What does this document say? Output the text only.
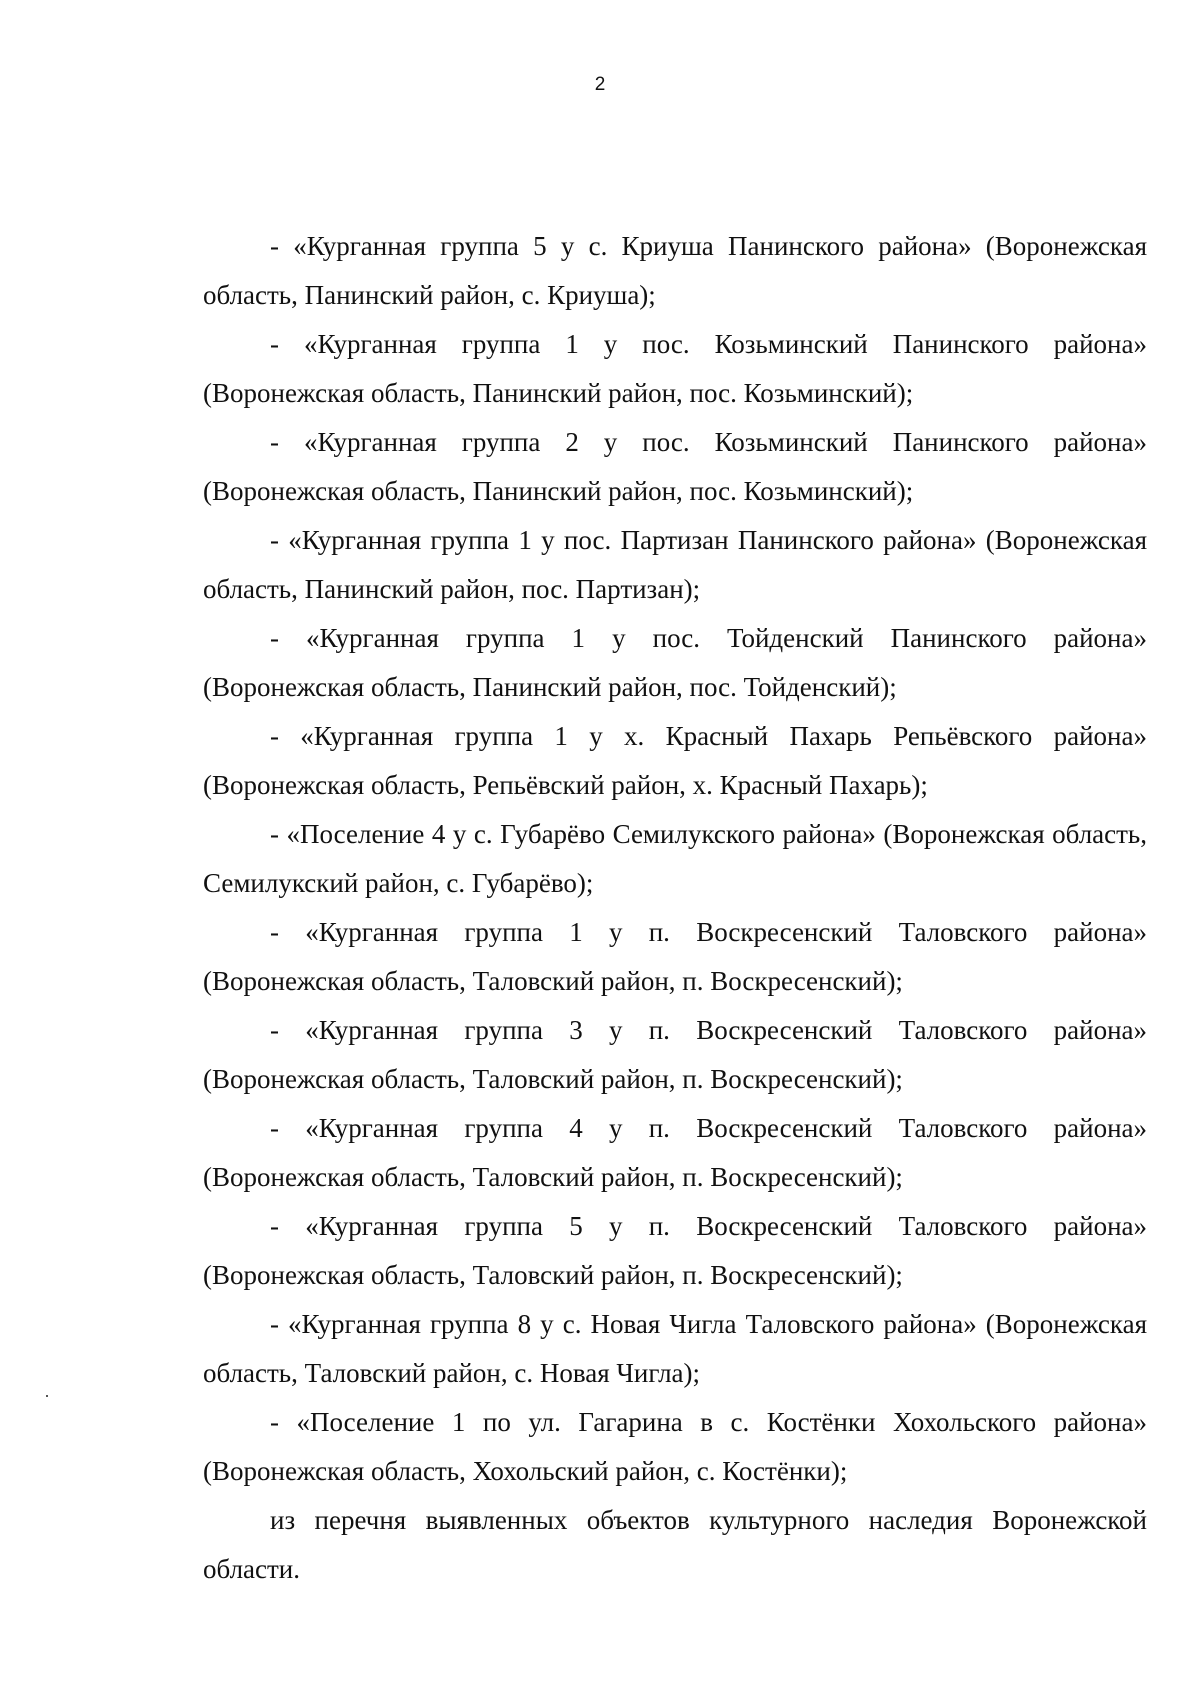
2

- «Курганная группа 5 у с. Криуша Панинского района» (Воронежская область, Панинский район, с. Криуша);

- «Курганная группа 1 у пос. Козьминский Панинского района» (Воронежская область, Панинский район, пос. Козьминский);

- «Курганная группа 2 у пос. Козьминский Панинского района» (Воронежская область, Панинский район, пос. Козьминский);

- «Курганная группа 1 у пос. Партизан Панинского района» (Воронежская область, Панинский район, пос. Партизан);

- «Курганная группа 1 у пос. Тойденский Панинского района» (Воронежская область, Панинский район, пос. Тойденский);

- «Курганная группа 1 у х. Красный Пахарь Репьёвского района» (Воронежская область, Репьёвский район, х. Красный Пахарь);

- «Поселение 4 у с. Губарёво Семилукского района» (Воронежская область, Семилукский район, с. Губарёво);

- «Курганная группа 1 у п. Воскресенский Таловского района» (Воронежская область, Таловский район, п. Воскресенский);

- «Курганная группа 3 у п. Воскресенский Таловского района» (Воронежская область, Таловский район, п. Воскресенский);

- «Курганная группа 4 у п. Воскресенский Таловского района» (Воронежская область, Таловский район, п. Воскресенский);

- «Курганная группа 5 у п. Воскресенский Таловского района» (Воронежская область, Таловский район, п. Воскресенский);

- «Курганная группа 8 у с. Новая Чигла Таловского района» (Воронежская область, Таловский район, с. Новая Чигла);

- «Поселение 1 по ул. Гагарина в с. Костёнки Хохольского района» (Воронежская область, Хохольский район, с. Костёнки);

из перечня выявленных объектов культурного наследия Воронежской области.
